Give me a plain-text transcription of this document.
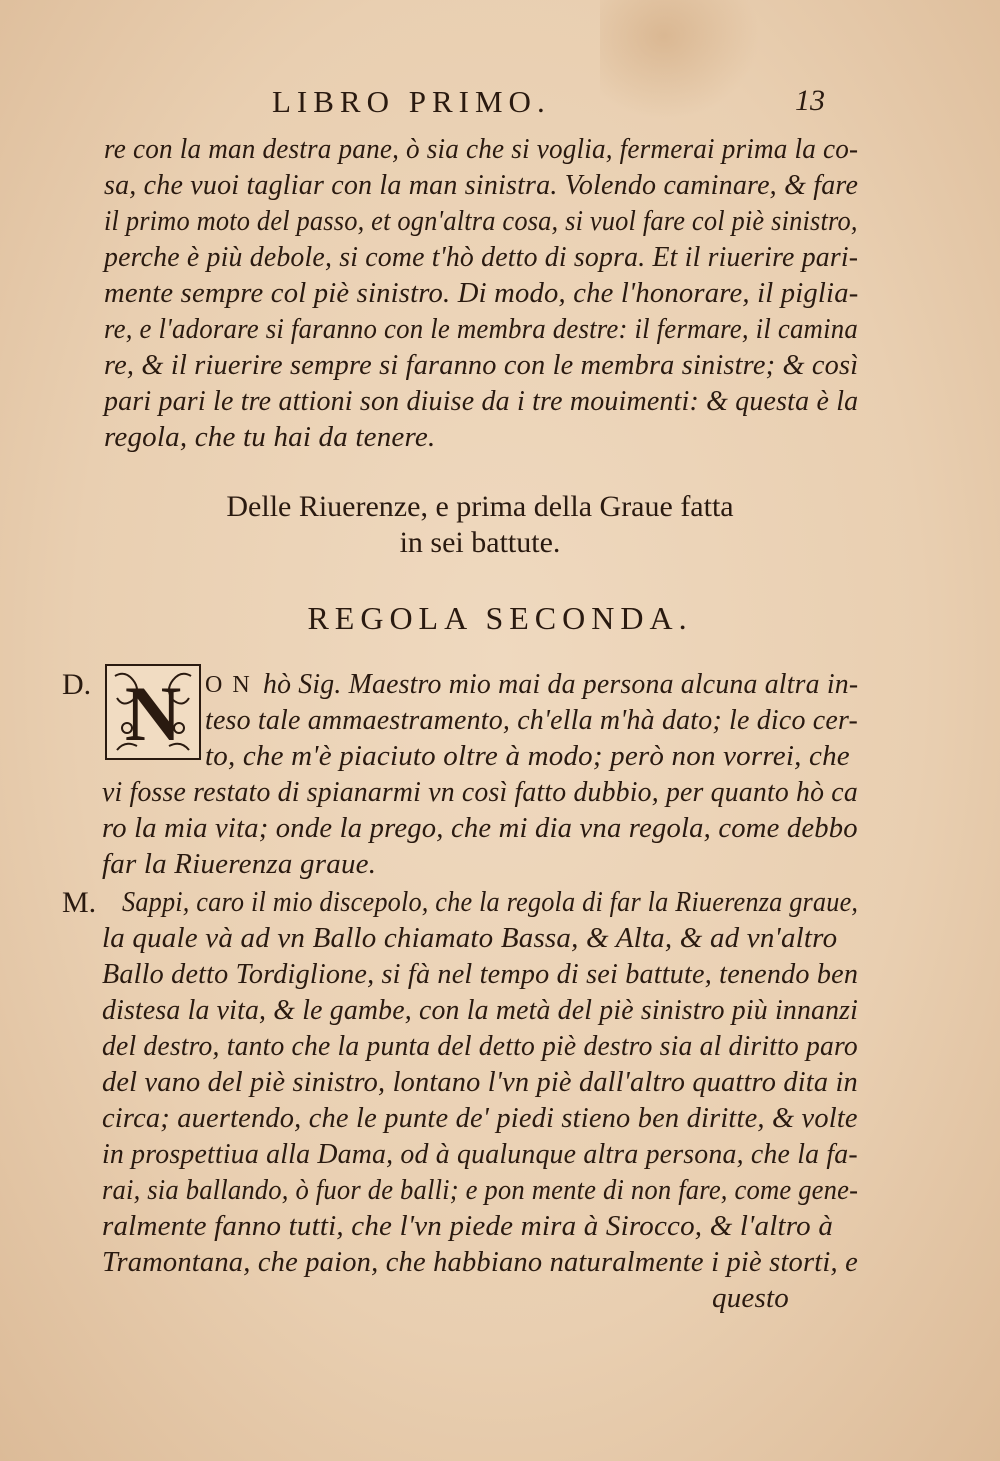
LIBRO PRIMO.	13
re con la man destra pane, ò sia che si voglia, fermerai prima la co-
sa, che vuoi tagliar con la man sinistra. Volendo caminare, & fare
il primo moto del passo, et ogn'altra cosa, si vuol fare col piè sinistro,
perche è più debole, si come t'hò detto di sopra. Et il riuerire pari-
mente sempre col piè sinistro. Di modo, che l'honorare, il piglia-
re, e l'adorare si faranno con le membra destre: il fermare, il camina
re, & il riuerire sempre si faranno con le membra sinistre; & così
pari pari le tre attioni son diuise da i tre mouimenti: & questa è la
regola, che tu hai da tenere.
Delle Riuerenze, e prima della Graue fatta
in sei battute.
REGOLA SECONDA.
D. N O N hò Sig. Maestro mio mai da persona alcuna altra in-
teso tale ammaestramento, ch'ella m'hà dato; le dico cer-
to, che m'è piaciuto oltre à modo; però non vorrei, che
vi fosse restato di spianarmi vn così fatto dubbio, per quanto hò ca
ro la mia vita; onde la prego, che mi dia vna regola, come debbo
far la Riuerenza graue.
M. Sappi, caro il mio discepolo, che la regola di far la Riuerenza graue,
la quale và ad vn Ballo chiamato Bassa, & Alta, & ad vn'altro
Ballo detto Tordiglione, si fà nel tempo di sei battute, tenendo ben
distesa la vita, & le gambe, con la metà del piè sinistro più innanzi
del destro, tanto che la punta del detto piè destro sia al diritto paro
del vano del piè sinistro, lontano l'vn piè dall'altro quattro dita in
circa; auertendo, che le punte de' piedi stieno ben diritte, & volte
in prospettiua alla Dama, od à qualunque altra persona, che la fa-
rai, sia ballando, ò fuor de balli; e pon mente di non fare, come gene-
ralmente fanno tutti, che l'vn piede mira à Sirocco, & l'altro à
Tramontana, che paion, che habbiano naturalmente i piè storti, e
questo
